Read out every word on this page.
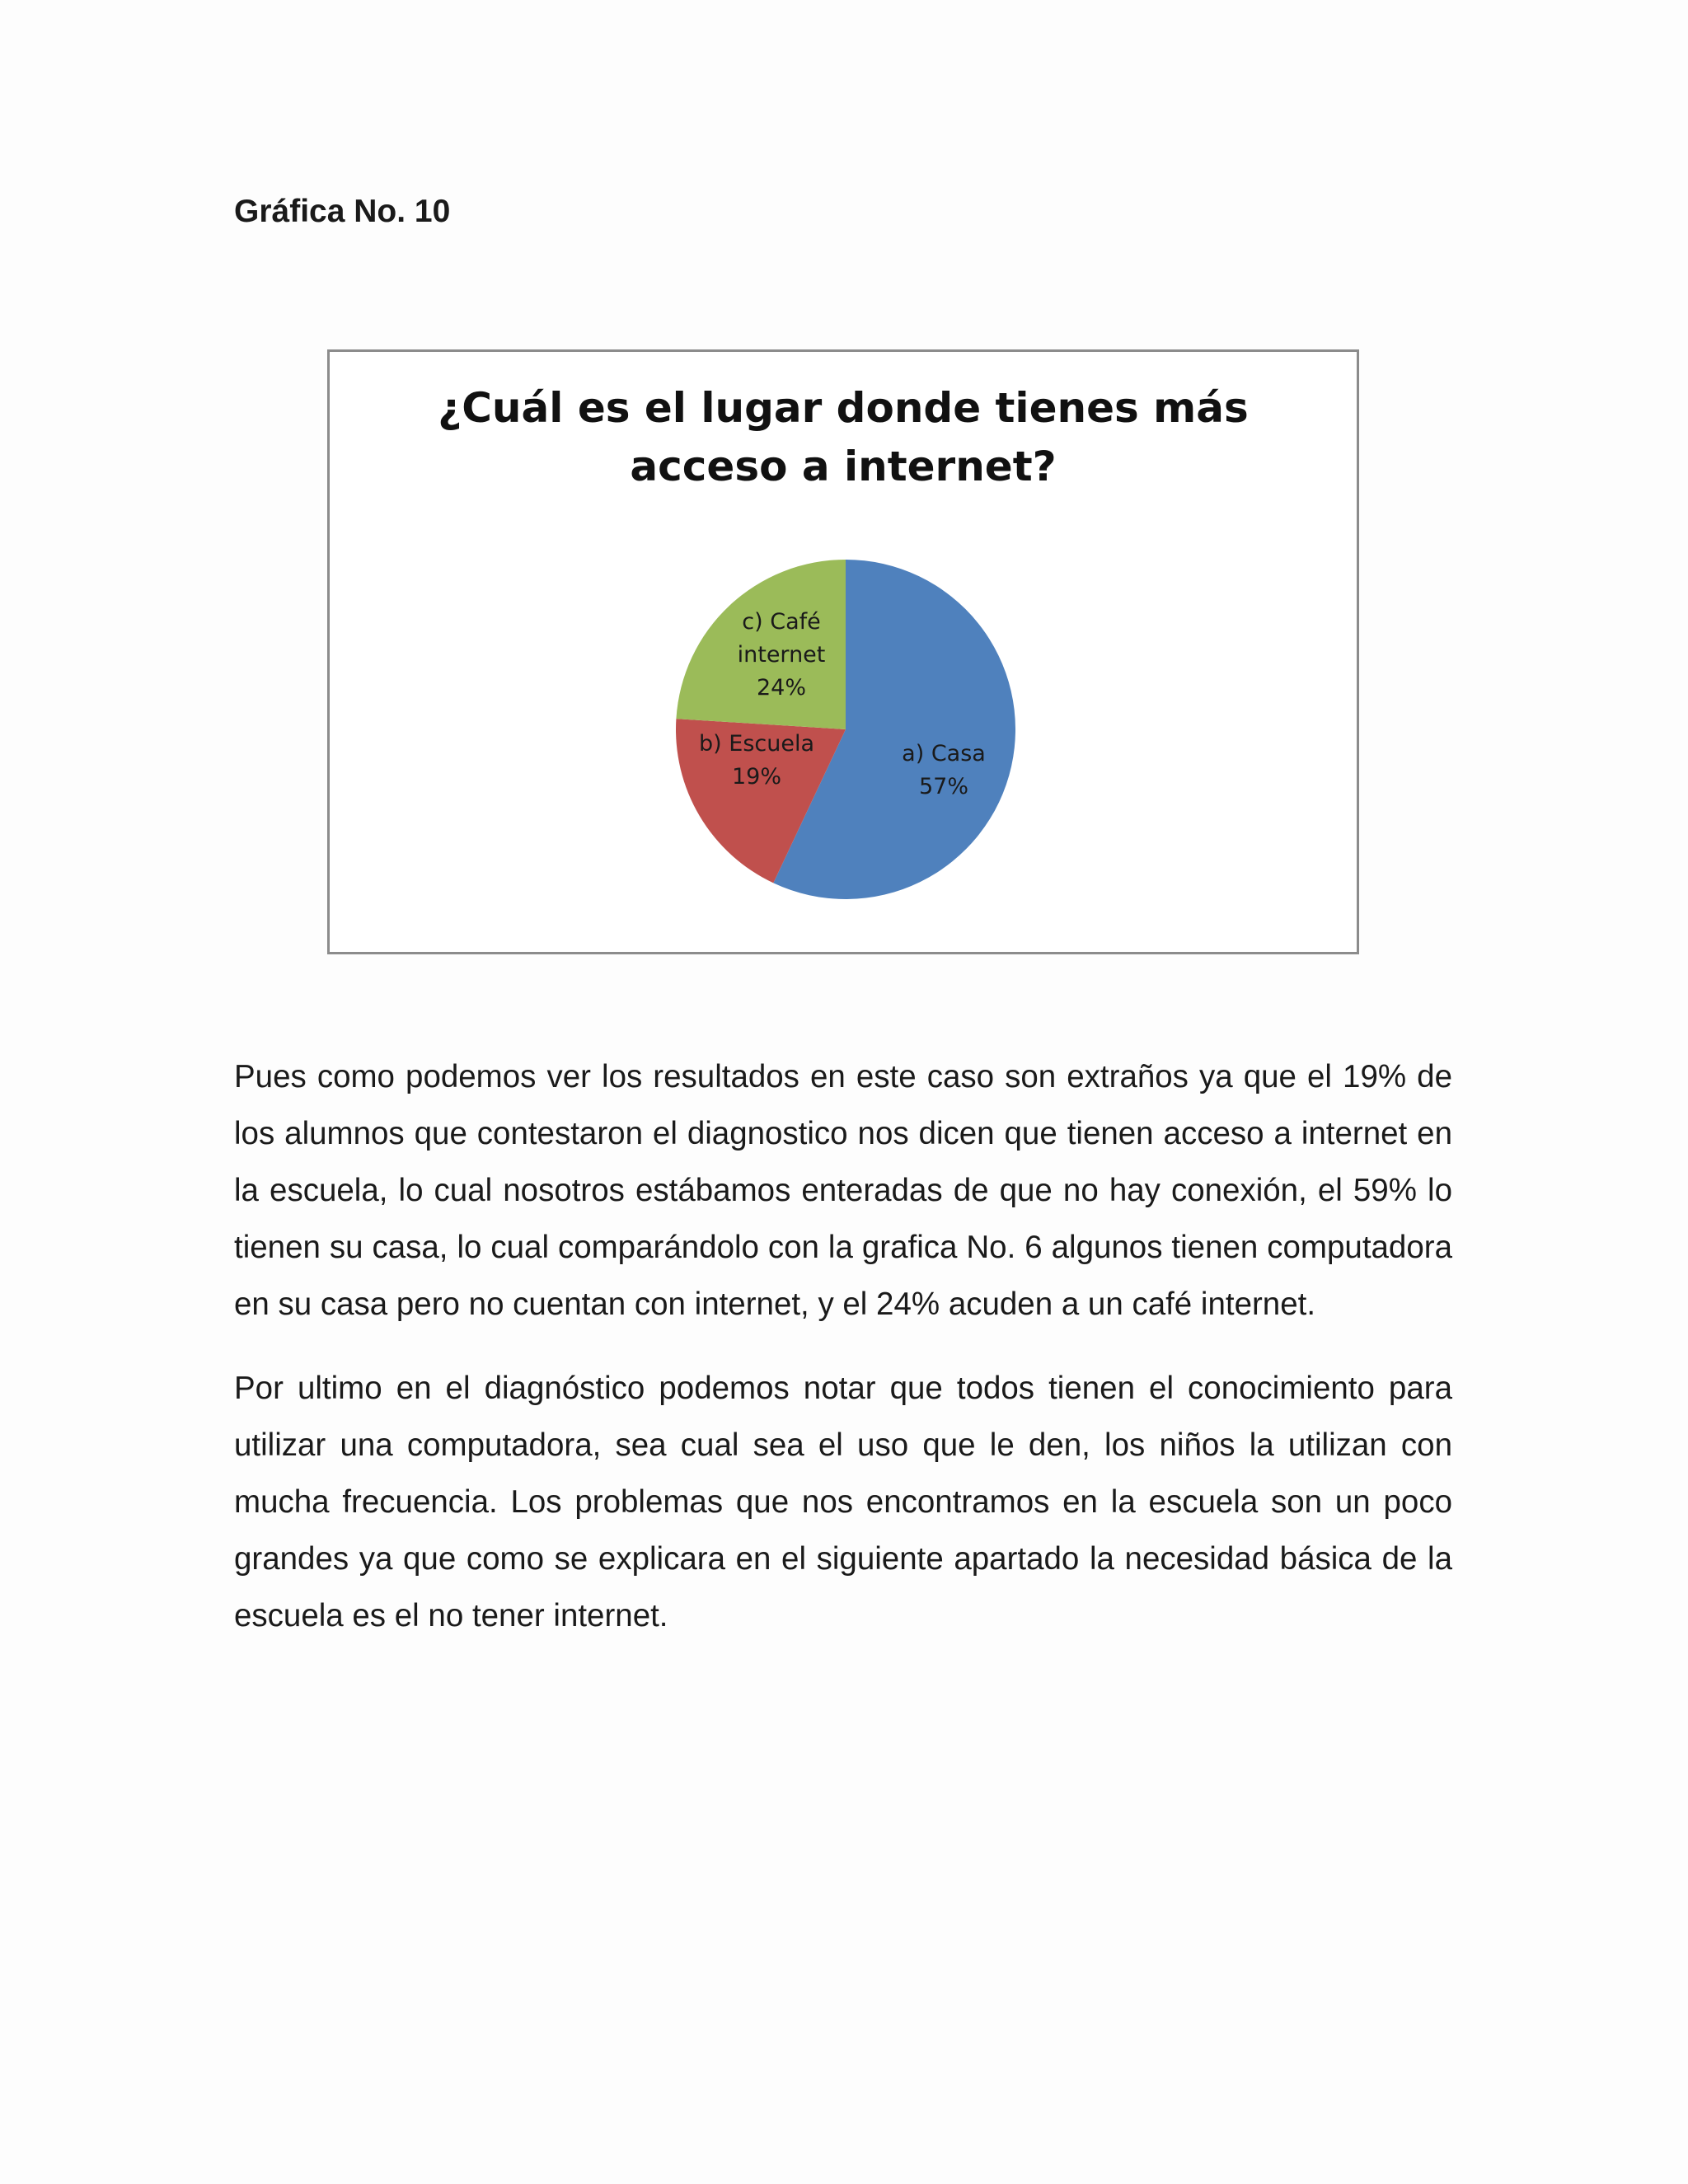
Gráfica No. 10
¿Cuál es el lugar donde tienes más
acceso a internet?
a) Casa 57%
b) Escuela 19%
c) Café internet 24%

Pues como podemos ver los resultados en este caso son extraños ya que el 19% de los alumnos que contestaron el diagnostico nos dicen que tienen acceso a internet en la escuela, lo cual nosotros estábamos enteradas de que no hay conexión, el 59% lo tienen su casa, lo cual comparándolo con la grafica No. 6 algunos tienen computadora en su casa pero no cuentan con internet, y el 24% acuden a un café internet.

Por ultimo en el diagnóstico podemos notar que todos tienen el conocimiento para utilizar una computadora, sea cual sea el uso que le den, los niños la utilizan con mucha frecuencia. Los problemas que nos encontramos en la escuela son un poco grandes ya que como se explicara en el siguiente apartado la necesidad básica de la escuela es el no tener internet.
